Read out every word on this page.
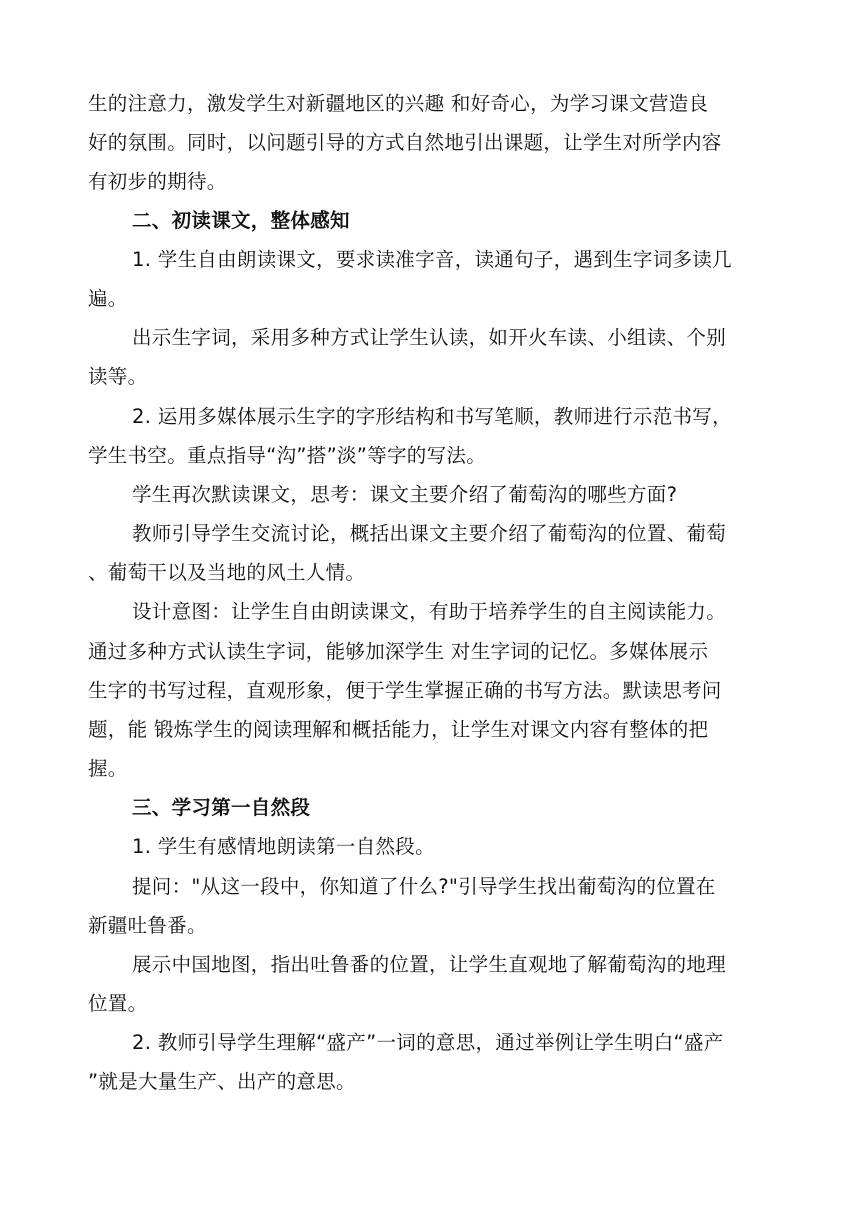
生的注意力，激发学生对新疆地区的兴趣 和好奇心，为学习课文营造良
好的氛围。同时，以问题引导的方式自然地引出课题，让学生对所学内容
有初步的期待。
二、初读课文，整体感知
1. 学生自由朗读课文，要求读准字音，读通句子，遇到生字词多读几
遍。
出示生字词，采用多种方式让学生认读，如开火车读、小组读、个别
读等。
2. 运用多媒体展示生字的字形结构和书写笔顺，教师进行示范书写，
学生书空。重点指导“沟”搭”淡”等字的写法。
学生再次默读课文，思考：课文主要介绍了葡萄沟的哪些方面?
教师引导学生交流讨论，概括出课文主要介绍了葡萄沟的位置、葡萄
、葡萄干以及当地的风土人情。
设计意图：让学生自由朗读课文，有助于培养学生的自主阅读能力。
通过多种方式认读生字词，能够加深学生 对生字词的记忆。多媒体展示
生字的书写过程，直观形象，便于学生掌握正确的书写方法。默读思考问
题，能 锻炼学生的阅读理解和概括能力，让学生对课文内容有整体的把
握。
三、学习第一自然段
1. 学生有感情地朗读第一自然段。
提问："从这一段中，你知道了什么?"引导学生找出葡萄沟的位置在
新疆吐鲁番。
展示中国地图，指出吐鲁番的位置，让学生直观地了解葡萄沟的地理
位置。
2. 教师引导学生理解“盛产”一词的意思，通过举例让学生明白“盛产
”就是大量生产、出产的意思。
